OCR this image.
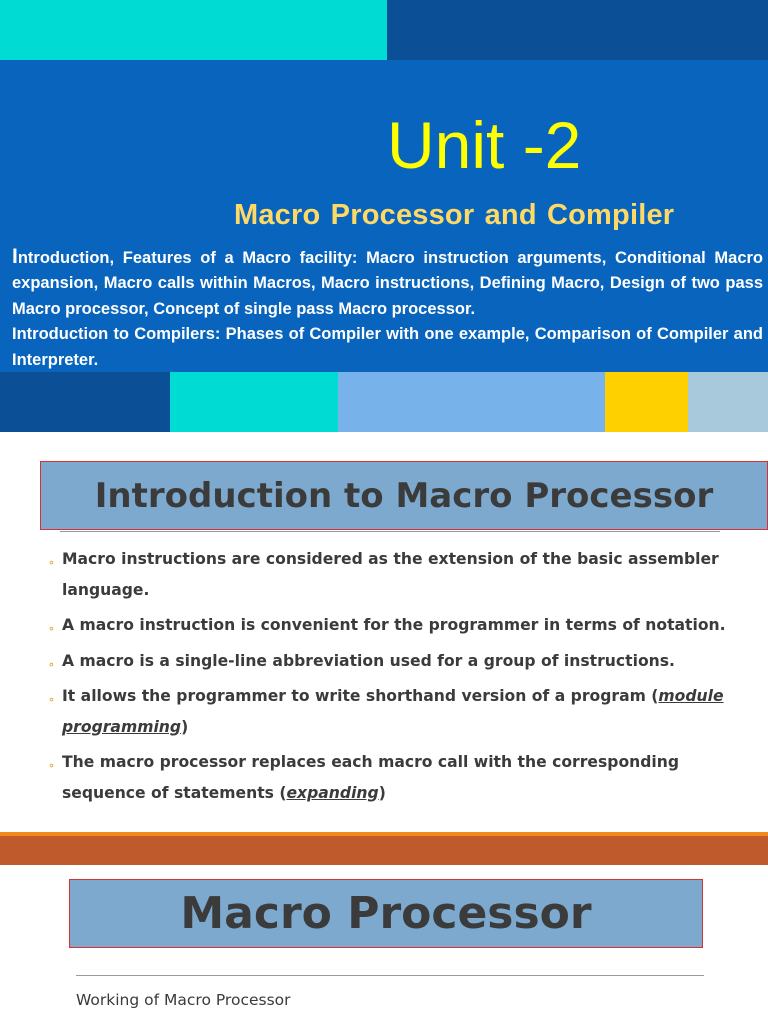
Unit -2
Macro Processor and Compiler

Introduction, Features of a Macro facility: Macro instruction arguments, Conditional Macro expansion, Macro calls within Macros, Macro instructions, Defining Macro, Design of two pass Macro processor, Concept of single pass Macro processor.

Introduction to Compilers: Phases of Compiler with one example, Comparison of Compiler and Interpreter.

Introduction to Macro Processor
∘ Macro instructions are considered as the extension of the basic assembler language.
∘ A macro instruction is convenient for the programmer in terms of notation.
∘ A macro is a single-line abbreviation used for a group of instructions.
∘ It allows the programmer to write shorthand version of a program (module programming)
∘ The macro processor replaces each macro call with the corresponding sequence of statements (expanding)
Macro Processor
Working of Macro Processor
